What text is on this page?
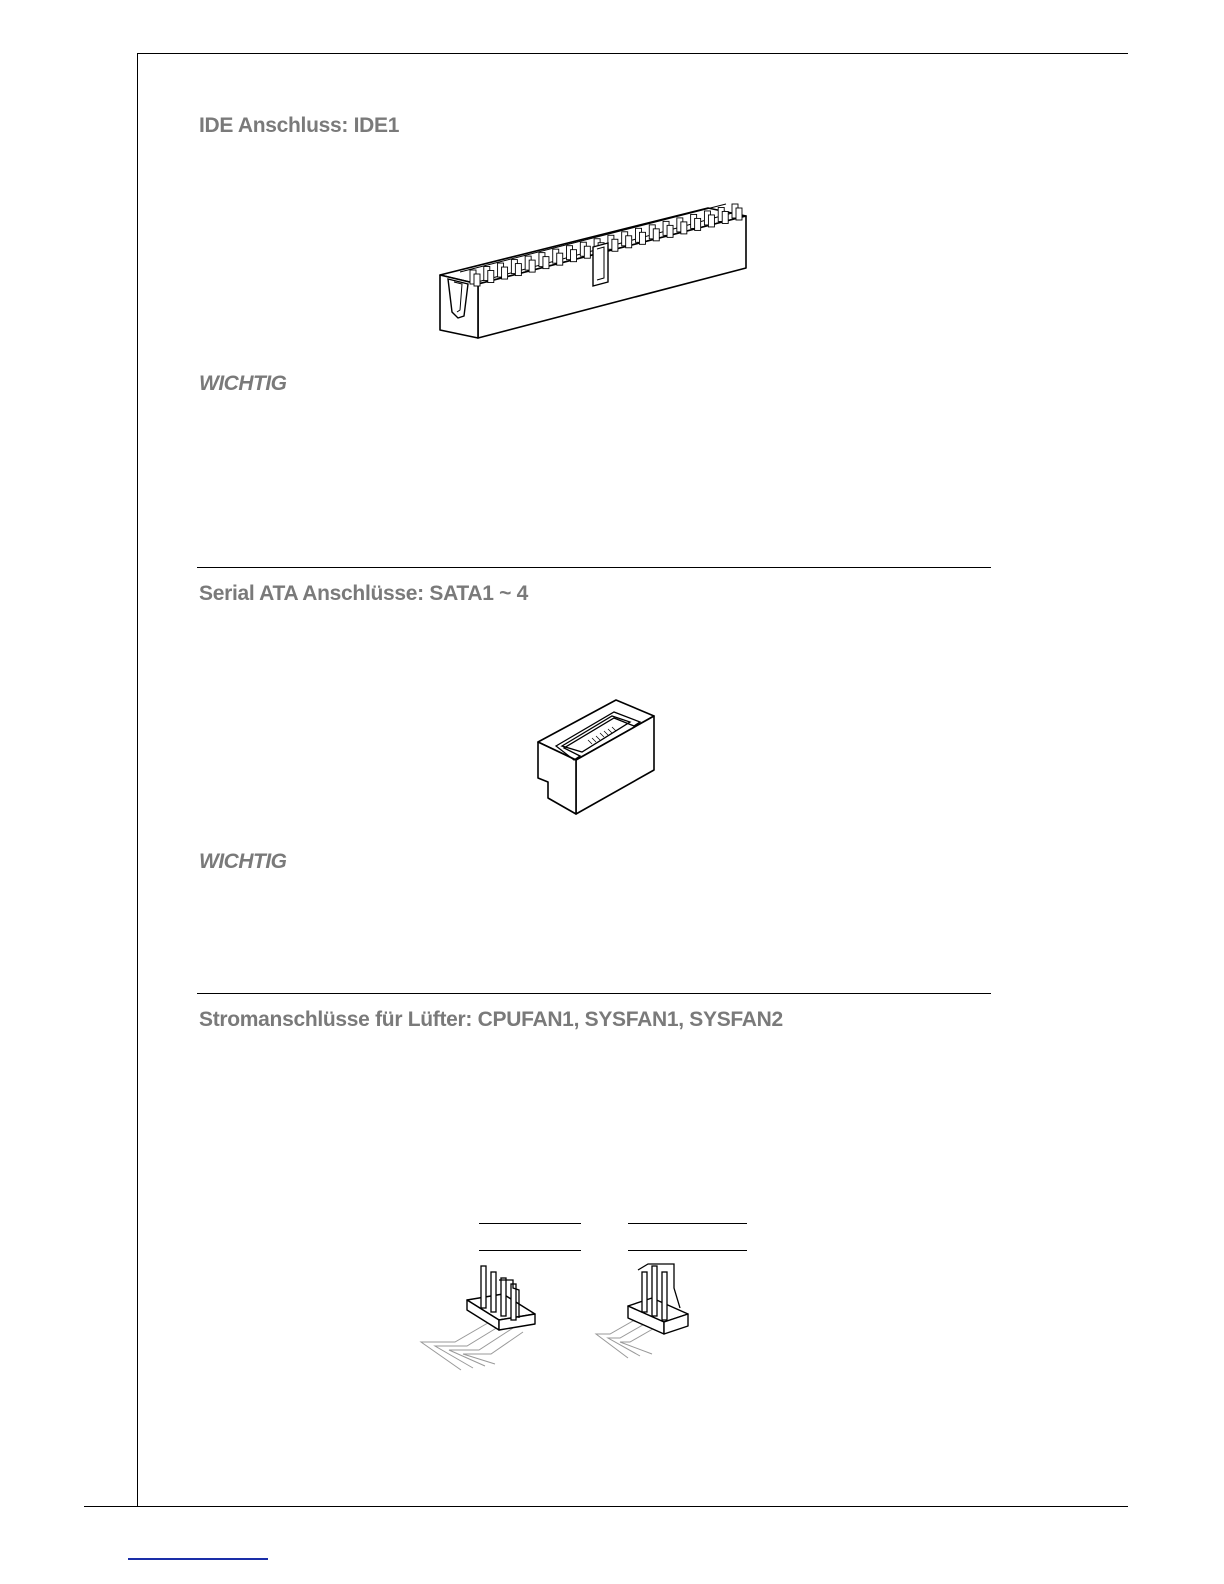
IDE Anschluss: IDE1
WICHTIG
Serial ATA Anschlüsse: SATA1 ~ 4
WICHTIG
Stromanschlüsse für Lüfter: CPUFAN1, SYSFAN1, SYSFAN2
